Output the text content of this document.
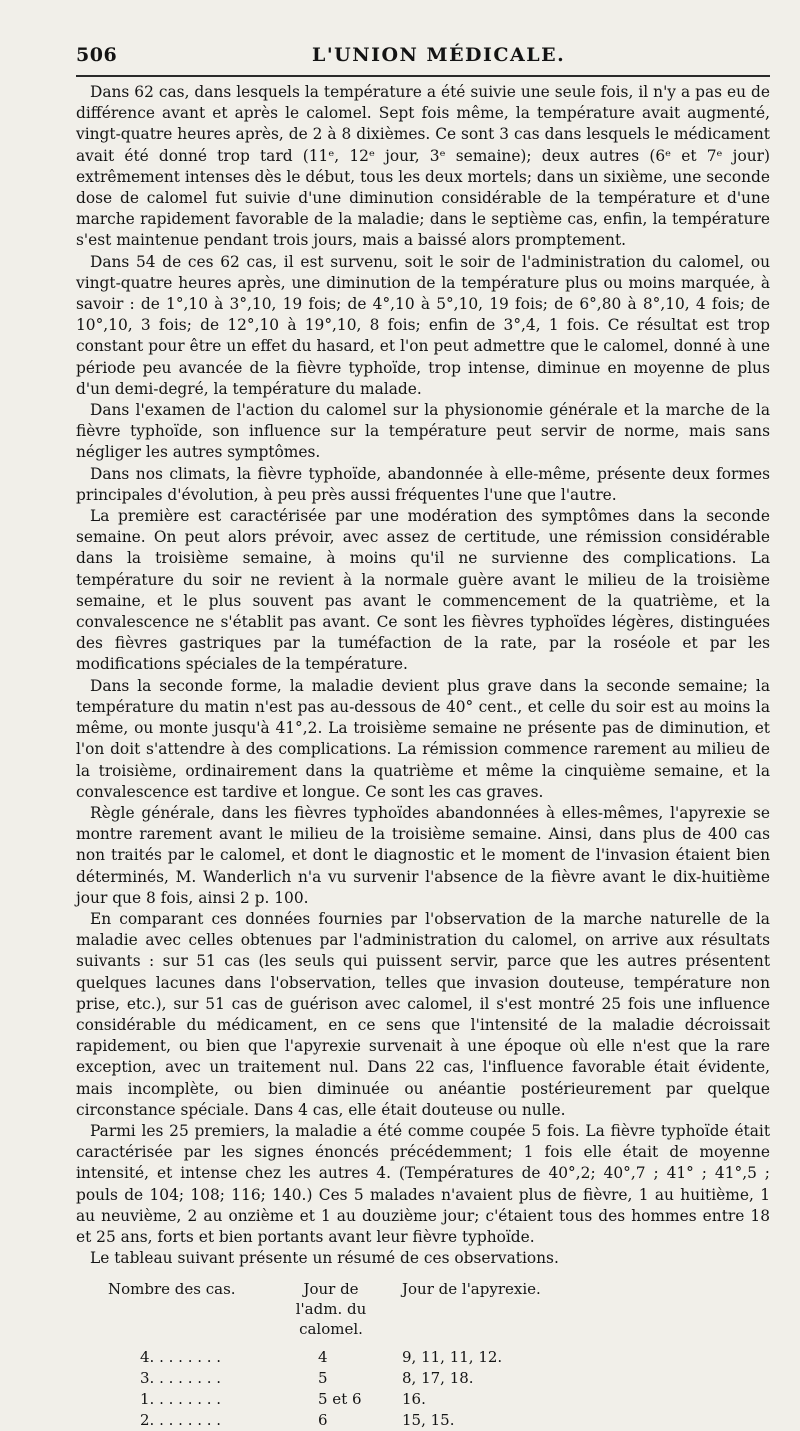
506	L'UNION MÉDICALE.

Dans 62 cas, dans lesquels la température a été suivie une seule fois, il n'y a pas eu de différence avant et après le calomel. Sept fois même, la température avait augmenté, vingt-quatre heures après, de 2 à 8 dixièmes. Ce sont 3 cas dans lesquels le médicament avait été donné trop tard (11ᵉ, 12ᵉ jour, 3ᵉ semaine); deux autres (6ᵉ et 7ᵉ jour) extrêmement intenses dès le début, tous les deux mortels; dans un sixième, une seconde dose de calomel fut suivie d'une diminution considérable de la température et d'une marche rapidement favorable de la maladie; dans le septième cas, enfin, la température s'est maintenue pendant trois jours, mais a baissé alors promptement.

Dans 54 de ces 62 cas, il est survenu, soit le soir de l'administration du calomel, ou vingt-quatre heures après, une diminution de la température plus ou moins marquée, à savoir : de 1°,10 à 3°,10, 19 fois; de 4°,10 à 5°,10, 19 fois; de 6°,80 à 8°,10, 4 fois; de 10°,10, 3 fois; de 12°,10 à 19°,10, 8 fois; enfin de 3°,4, 1 fois. Ce résultat est trop constant pour être un effet du hasard, et l'on peut admettre que le calomel, donné à une période peu avancée de la fièvre typhoïde, trop intense, diminue en moyenne de plus d'un demi-degré, la température du malade.

Dans l'examen de l'action du calomel sur la physionomie générale et la marche de la fièvre typhoïde, son influence sur la température peut servir de norme, mais sans négliger les autres symptômes.

Dans nos climats, la fièvre typhoïde, abandonnée à elle-même, présente deux formes principales d'évolution, à peu près aussi fréquentes l'une que l'autre.

La première est caractérisée par une modération des symptômes dans la seconde semaine. On peut alors prévoir, avec assez de certitude, une rémission considérable dans la troisième semaine, à moins qu'il ne survienne des complications. La température du soir ne revient à la normale guère avant le milieu de la troisième semaine, et le plus souvent pas avant le commencement de la quatrième, et la convalescence ne s'établit pas avant. Ce sont les fièvres typhoïdes légères, distinguées des fièvres gastriques par la tuméfaction de la rate, par la roséole et par les modifications spéciales de la température.

Dans la seconde forme, la maladie devient plus grave dans la seconde semaine; la température du matin n'est pas au-dessous de 40° cent., et celle du soir est au moins la même, ou monte jusqu'à 41°,2. La troisième semaine ne présente pas de diminution, et l'on doit s'attendre à des complications. La rémission commence rarement au milieu de la troisième, ordinairement dans la quatrième et même la cinquième semaine, et la convalescence est tardive et longue. Ce sont les cas graves.

Règle générale, dans les fièvres typhoïdes abandonnées à elles-mêmes, l'apyrexie se montre rarement avant le milieu de la troisième semaine. Ainsi, dans plus de 400 cas non traités par le calomel, et dont le diagnostic et le moment de l'invasion étaient bien déterminés, M. Wanderlich n'a vu survenir l'absence de la fièvre avant le dix-huitième jour que 8 fois, ainsi 2 p. 100.

En comparant ces données fournies par l'observation de la marche naturelle de la maladie avec celles obtenues par l'administration du calomel, on arrive aux résultats suivants : sur 51 cas (les seuls qui puissent servir, parce que les autres présentent quelques lacunes dans l'observation, telles que invasion douteuse, température non prise, etc.), sur 51 cas de guérison avec calomel, il s'est montré 25 fois une influence considérable du médicament, en ce sens que l'intensité de la maladie décroissait rapidement, ou bien que l'apyrexie survenait à une époque où elle n'est que la rare exception, avec un traitement nul. Dans 22 cas, l'influence favorable était évidente, mais incomplète, ou bien diminuée ou anéantie postérieurement par quelque circonstance spéciale. Dans 4 cas, elle était douteuse ou nulle.

Parmi les 25 premiers, la maladie a été comme coupée 5 fois. La fièvre typhoïde était caractérisée par les signes énoncés précédemment; 1 fois elle était de moyenne intensité, et intense chez les autres 4. (Températures de 40°,2; 40°,7 ; 41° ; 41°,5 ; pouls de 104; 108; 116; 140.) Ces 5 malades n'avaient plus de fièvre, 1 au huitième, 1 au neuvième, 2 au onzième et 1 au douzième jour; c'étaient tous des hommes entre 18 et 25 ans, forts et bien portants avant leur fièvre typhoïde.

Le tableau suivant présente un résumé de ces observations.

Nombre des cas.	Jour de l'adm. du calomel.	Jour de l'apyrexie.
4. . . . . . . .	4	9, 11, 11, 12.
3. . . . . . . .	5	8, 17, 18.
1. . . . . . . .	5 et 6	16.
2. . . . . . . .	6	15, 15.
